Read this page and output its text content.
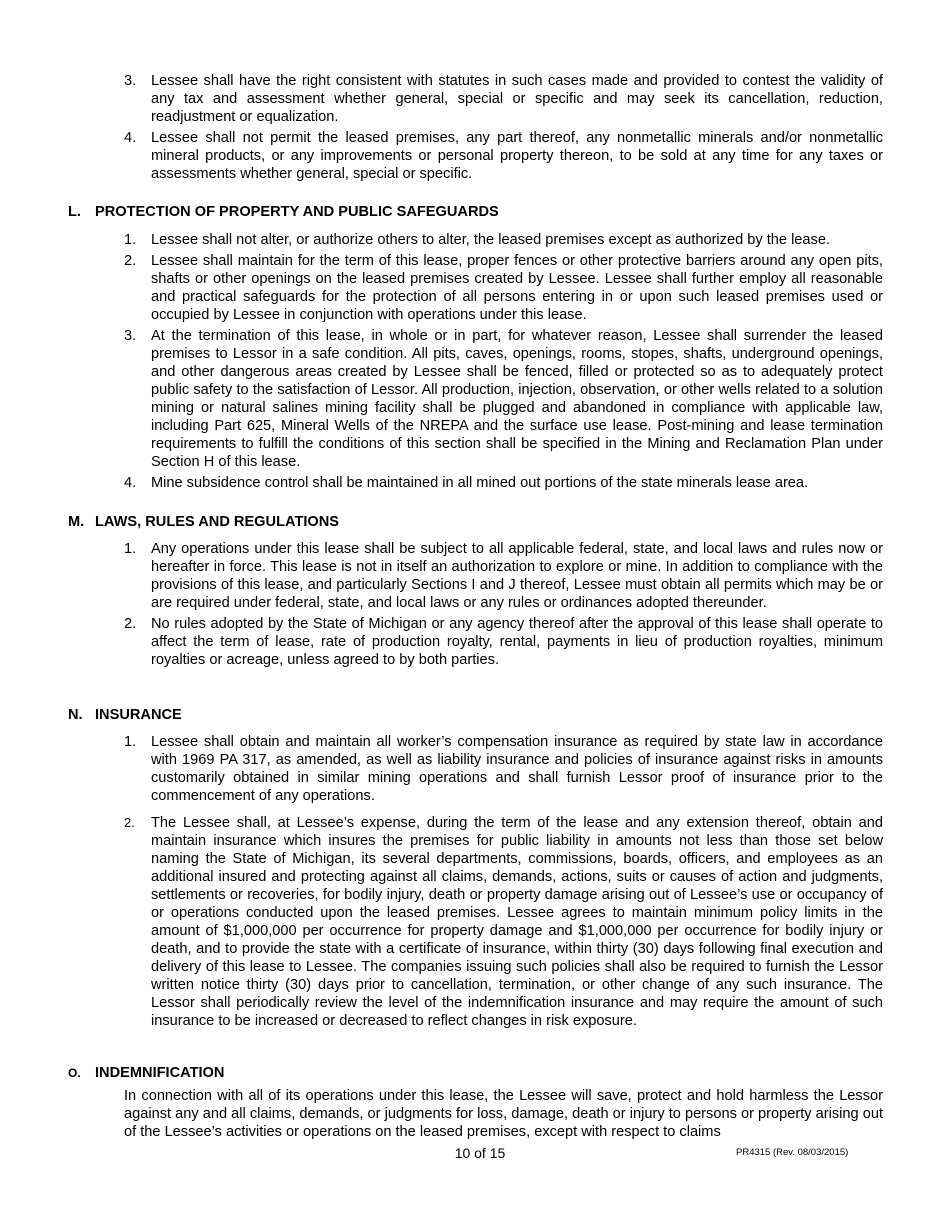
3. Lessee shall have the right consistent with statutes in such cases made and provided to contest the validity of any tax and assessment whether general, special or specific and may seek its cancellation, reduction, readjustment or equalization.
4. Lessee shall not permit the leased premises, any part thereof, any nonmetallic minerals and/or nonmetallic mineral products, or any improvements or personal property thereon, to be sold at any time for any taxes or assessments whether general, special or specific.
L. PROTECTION OF PROPERTY AND PUBLIC SAFEGUARDS
1. Lessee shall not alter, or authorize others to alter, the leased premises except as authorized by the lease.
2. Lessee shall maintain for the term of this lease, proper fences or other protective barriers around any open pits, shafts or other openings on the leased premises created by Lessee. Lessee shall further employ all reasonable and practical safeguards for the protection of all persons entering in or upon such leased premises used or occupied by Lessee in conjunction with operations under this lease.
3. At the termination of this lease, in whole or in part, for whatever reason, Lessee shall surrender the leased premises to Lessor in a safe condition. All pits, caves, openings, rooms, stopes, shafts, underground openings, and other dangerous areas created by Lessee shall be fenced, filled or protected so as to adequately protect public safety to the satisfaction of Lessor. All production, injection, observation, or other wells related to a solution mining or natural salines mining facility shall be plugged and abandoned in compliance with applicable law, including Part 625, Mineral Wells of the NREPA and the surface use lease. Post-mining and lease termination requirements to fulfill the conditions of this section shall be specified in the Mining and Reclamation Plan under Section H of this lease.
4. Mine subsidence control shall be maintained in all mined out portions of the state minerals lease area.
M. LAWS, RULES AND REGULATIONS
1. Any operations under this lease shall be subject to all applicable federal, state, and local laws and rules now or hereafter in force. This lease is not in itself an authorization to explore or mine. In addition to compliance with the provisions of this lease, and particularly Sections I and J thereof, Lessee must obtain all permits which may be or are required under federal, state, and local laws or any rules or ordinances adopted thereunder.
2. No rules adopted by the State of Michigan or any agency thereof after the approval of this lease shall operate to affect the term of lease, rate of production royalty, rental, payments in lieu of production royalties, minimum royalties or acreage, unless agreed to by both parties.
N. INSURANCE
1. Lessee shall obtain and maintain all worker’s compensation insurance as required by state law in accordance with 1969 PA 317, as amended, as well as liability insurance and policies of insurance against risks in amounts customarily obtained in similar mining operations and shall furnish Lessor proof of insurance prior to the commencement of any operations.
2. The Lessee shall, at Lessee’s expense, during the term of the lease and any extension thereof, obtain and maintain insurance which insures the premises for public liability in amounts not less than those set below naming the State of Michigan, its several departments, commissions, boards, officers, and employees as an additional insured and protecting against all claims, demands, actions, suits or causes of action and judgments, settlements or recoveries, for bodily injury, death or property damage arising out of Lessee’s use or occupancy of or operations conducted upon the leased premises. Lessee agrees to maintain minimum policy limits in the amount of $1,000,000 per occurrence for property damage and $1,000,000 per occurrence for bodily injury or death, and to provide the state with a certificate of insurance, within thirty (30) days following final execution and delivery of this lease to Lessee. The companies issuing such policies shall also be required to furnish the Lessor written notice thirty (30) days prior to cancellation, termination, or other change of any such insurance. The Lessor shall periodically review the level of the indemnification insurance and may require the amount of such insurance to be increased or decreased to reflect changes in risk exposure.
O. INDEMNIFICATION

In connection with all of its operations under this lease, the Lessee will save, protect and hold harmless the Lessor against any and all claims, demands, or judgments for loss, damage, death or injury to persons or property arising out of the Lessee’s activities or operations on the leased premises, except with respect to claims

10 of 15	PR4315 (Rev. 08/03/2015)
